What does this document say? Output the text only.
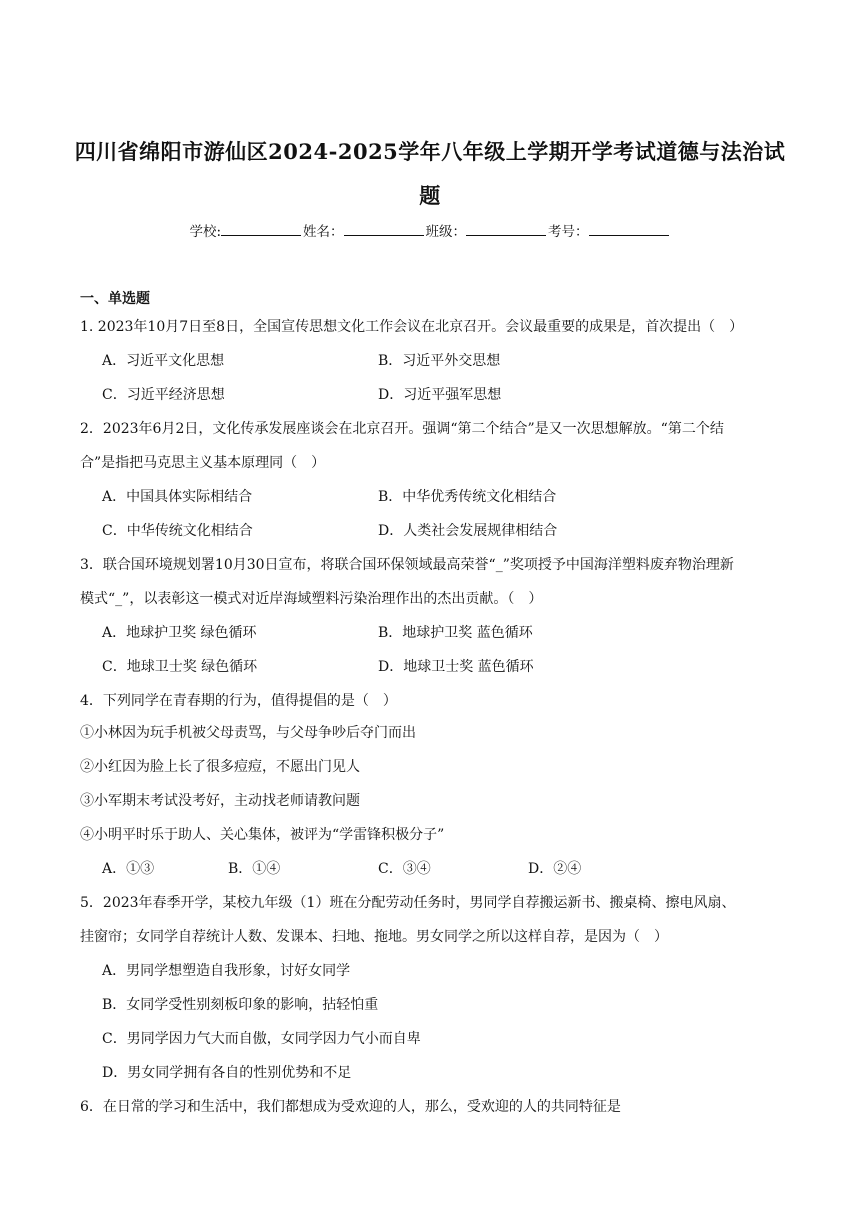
四川省绵阳市游仙区2024-2025学年八年级上学期开学考试道德与法治试
题
学校:	姓名：	班级：	考号：
一、单选题
1. 2023年10月7日至8日，全国宣传思想文化工作会议在北京召开。会议最重要的成果是，首次提出（　）
A．习近平文化思想	B．习近平外交思想
C．习近平经济思想	D．习近平强军思想
2．2023年6月2日，文化传承发展座谈会在北京召开。强调“第二个结合”是又一次思想解放。“第二个结
合”是指把马克思主义基本原理同（　）
A．中国具体实际相结合	B．中华优秀传统文化相结合
C．中华传统文化相结合	D．人类社会发展规律相结合
3．联合国环境规划署10月30日宣布，将联合国环保领域最高荣誉“_”奖项授予中国海洋塑料废弃物治理新
模式“_”，以表彰这一模式对近岸海域塑料污染治理作出的杰出贡献。（　）
A．地球护卫奖 绿色循环	B．地球护卫奖 蓝色循环
C．地球卫士奖 绿色循环	D．地球卫士奖 蓝色循环
4．下列同学在青春期的行为，值得提倡的是（　）
①小林因为玩手机被父母责骂，与父母争吵后夺门而出
②小红因为脸上长了很多痘痘，不愿出门见人
③小军期末考试没考好，主动找老师请教问题
④小明平时乐于助人、关心集体，被评为“学雷锋积极分子”
A．①③	B．①④	C．③④	D．②④
5．2023年春季开学，某校九年级（1）班在分配劳动任务时，男同学自荐搬运新书、搬桌椅、擦电风扇、
挂窗帘；女同学自荐统计人数、发课本、扫地、拖地。男女同学之所以这样自荐，是因为（　）
A．男同学想塑造自我形象，讨好女同学
B．女同学受性别刻板印象的影响，拈轻怕重
C．男同学因力气大而自傲，女同学因力气小而自卑
D．男女同学拥有各自的性别优势和不足
6．在日常的学习和生活中，我们都想成为受欢迎的人，那么，受欢迎的人的共同特征是
